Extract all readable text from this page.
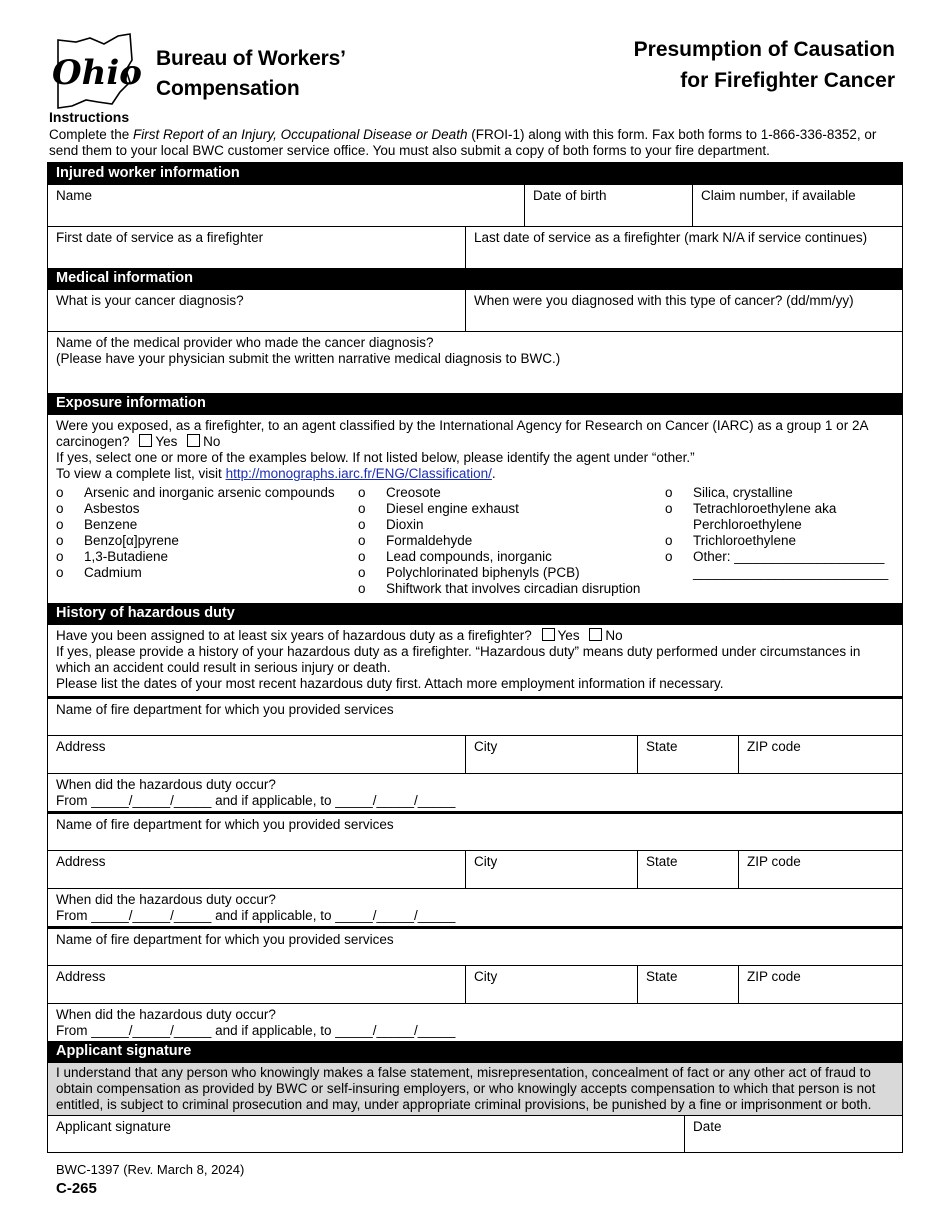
Ohio Bureau of Workers’
Compensation
Presumption of Causation
for Firefighter Cancer
Instructions
Complete the First Report of an Injury, Occupational Disease or Death (FROI-1) along with this form. Fax both forms to 1-866-336-8352, or send them to your local BWC customer service office. You must also submit a copy of both forms to your fire department.
Injured worker information
Name	Date of birth	Claim number, if available
First date of service as a firefighter	Last date of service as a firefighter (mark N/A if service continues)
Medical information
What is your cancer diagnosis?	When were you diagnosed with this type of cancer? (dd/mm/yy)
Name of the medical provider who made the cancer diagnosis?
(Please have your physician submit the written narrative medical diagnosis to BWC.)
Exposure information
Were you exposed, as a firefighter, to an agent classified by the International Agency for Research on Cancer (IARC) as a group 1 or 2A carcinogen? Yes No
If yes, select one or more of the examples below. If not listed below, please identify the agent under “other.”
To view a complete list, visit http://monographs.iarc.fr/ENG/Classification/.
o	Arsenic and inorganic arsenic compounds
o	Asbestos
o	Benzene
o	Benzo[α]pyrene
o	1,3-Butadiene
o	Cadmium
o	Creosote
o	Diesel engine exhaust
o	Dioxin
o	Formaldehyde
o	Lead compounds, inorganic
o	Polychlorinated biphenyls (PCB)
o	Shiftwork that involves circadian disruption
o	Silica, crystalline
o	Tetrachloroethylene aka Perchloroethylene
o	Trichloroethylene
o	Other: ____________________
__________________________
History of hazardous duty
Have you been assigned to at least six years of hazardous duty as a firefighter? Yes No
If yes, please provide a history of your hazardous duty as a firefighter. “Hazardous duty” means duty performed under circumstances in which an accident could result in serious injury or death.
Please list the dates of your most recent hazardous duty first. Attach more employment information if necessary.
Name of fire department for which you provided services
Address	City	State	ZIP code
When did the hazardous duty occur?
From _____/_____/_____ and if applicable, to _____/_____/_____
Name of fire department for which you provided services
Address	City	State	ZIP code
When did the hazardous duty occur?
From _____/_____/_____ and if applicable, to _____/_____/_____
Name of fire department for which you provided services
Address	City	State	ZIP code
When did the hazardous duty occur?
From _____/_____/_____ and if applicable, to _____/_____/_____
Applicant signature
I understand that any person who knowingly makes a false statement, misrepresentation, concealment of fact or any other act of fraud to obtain compensation as provided by BWC or self-insuring employers, or who knowingly accepts compensation to which that person is not entitled, is subject to criminal prosecution and may, under appropriate criminal provisions, be punished by a fine or imprisonment or both.
Applicant signature	Date
BWC-1397 (Rev. March 8, 2024)
C-265
